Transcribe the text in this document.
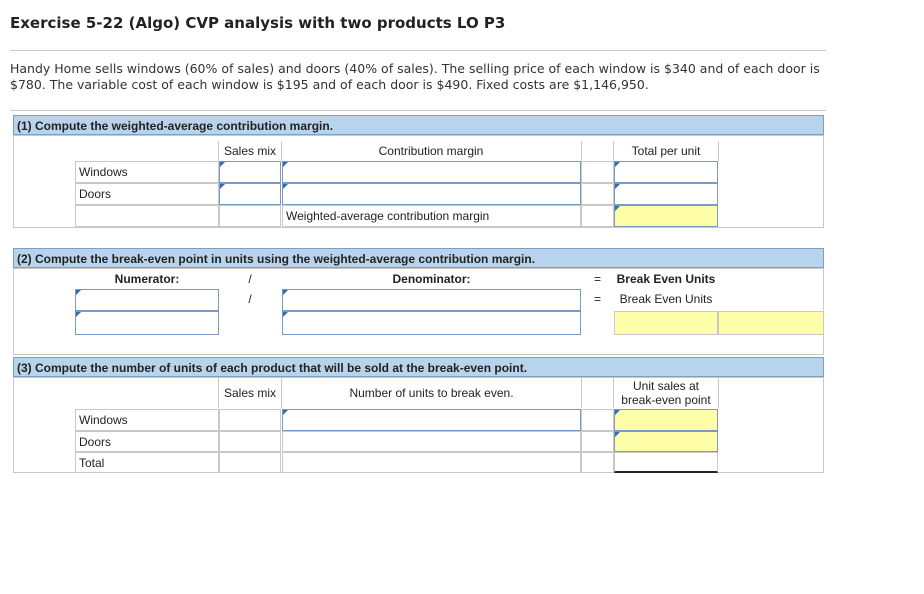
Exercise 5-22 (Algo) CVP analysis with two products LO P3
Handy Home sells windows (60% of sales) and doors (40% of sales). The selling price of each window is $340 and of each door is $780. The variable cost of each window is $195 and of each door is $490. Fixed costs are $1,146,950.
(1) Compute the weighted-average contribution margin.
Sales mix	Contribution margin	Total per unit
Windows
Doors
Weighted-average contribution margin
(2) Compute the break-even point in units using the weighted-average contribution margin.
Numerator:	/	Denominator:	=	Break Even Units
/	=	Break Even Units
(3) Compute the number of units of each product that will be sold at the break-even point.
Sales mix	Number of units to break even.	Unit sales at
break-even point
Windows
Doors
Total
